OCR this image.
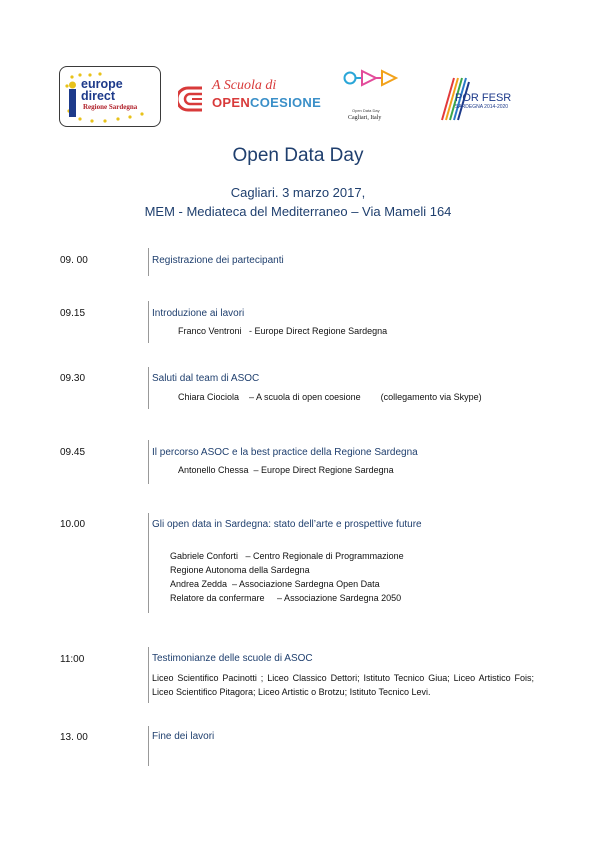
europe
direct
Regione Sardegna
A Scuola di
OPENCOESIONE
Open Data Day
Cagliari, Italy
POR FESR
SARDEGNA 2014-2020
Open Data Day
Cagliari. 3 marzo 2017,
MEM - Mediateca del Mediterraneo – Via Mameli 164
09. 00	Registrazione dei partecipanti
09.15	Introduzione ai lavori
Franco Ventroni   - Europe Direct Regione Sardegna
09.30	Saluti dal team di ASOC
Chiara Ciociola    – A scuola di open coesione        (collegamento via Skype)
09.45	Il percorso ASOC e la best practice della Regione Sardegna
Antonello Chessa  – Europe Direct Regione Sardegna
10.00	Gli open data in Sardegna: stato dell’arte e prospettive future
Gabriele Conforti   – Centro Regionale di Programmazione
Regione Autonoma della Sardegna
Andrea Zedda  – Associazione Sardegna Open Data
Relatore da confermare     – Associazione Sardegna 2050
11:00	Testimonianze delle scuole di ASOC
Liceo Scientifico Pacinotti ; Liceo Classico Dettori; Istituto Tecnico Giua; Liceo Artistico Fois; Liceo Scientifico Pitagora; Liceo Artistic o Brotzu; Istituto Tecnico Levi.
13. 00	Fine dei lavori
